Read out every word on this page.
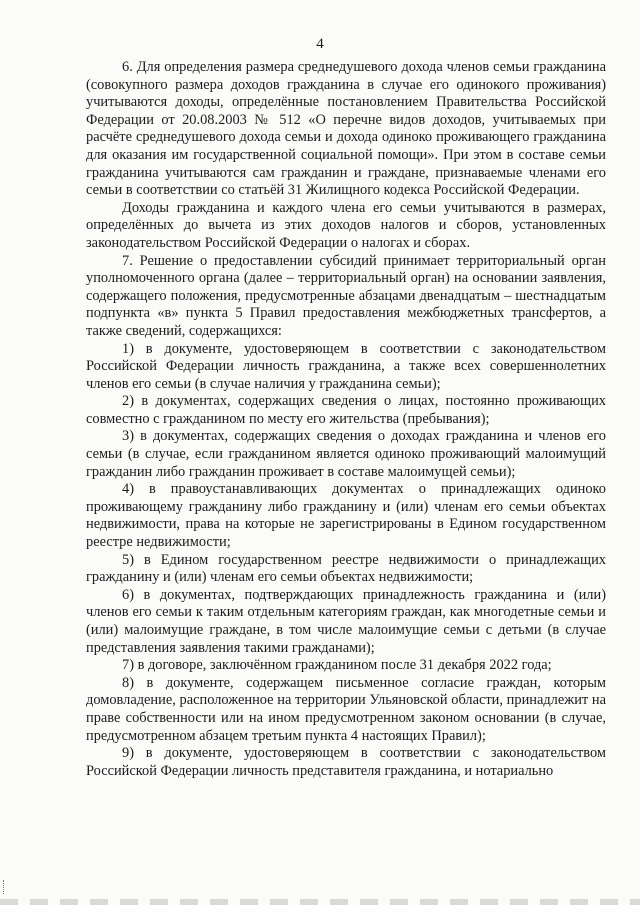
4

6. Для определения размера среднедушевого дохода членов семьи гражданина (совокупного размера доходов гражданина в случае его одинокого проживания) учитываются доходы, определённые постановлением Правительства Российской Федерации от 20.08.2003 № 512 «О перечне видов доходов, учитываемых при расчёте среднедушевого дохода семьи и дохода одиноко проживающего гражданина для оказания им государственной социальной помощи». При этом в составе семьи гражданина учитываются сам гражданин и граждане, признаваемые членами его семьи в соответствии со статьёй 31 Жилищного кодекса Российской Федерации.

Доходы гражданина и каждого члена его семьи учитываются в размерах, определённых до вычета из этих доходов налогов и сборов, установленных законодательством Российской Федерации о налогах и сборах.

7. Решение о предоставлении субсидий принимает территориальный орган уполномоченного органа (далее – территориальный орган) на основании заявления, содержащего положения, предусмотренные абзацами двенадцатым – шестнадцатым подпункта «в» пункта 5 Правил предоставления межбюджетных трансфертов, а также сведений, содержащихся:

1) в документе, удостоверяющем в соответствии с законодательством Российской Федерации личность гражданина, а также всех совершеннолетних членов его семьи (в случае наличия у гражданина семьи);

2) в документах, содержащих сведения о лицах, постоянно проживающих совместно с гражданином по месту его жительства (пребывания);

3) в документах, содержащих сведения о доходах гражданина и членов его семьи (в случае, если гражданином является одиноко проживающий малоимущий гражданин либо гражданин проживает в составе малоимущей семьи);

4) в правоустанавливающих документах о принадлежащих одиноко проживающему гражданину либо гражданину и (или) членам его семьи объектах недвижимости, права на которые не зарегистрированы в Едином государственном реестре недвижимости;

5) в Едином государственном реестре недвижимости о принадлежащих гражданину и (или) членам его семьи объектах недвижимости;

6) в документах, подтверждающих принадлежность гражданина и (или) членов его семьи к таким отдельным категориям граждан, как многодетные семьи и (или) малоимущие граждане, в том числе малоимущие семьи с детьми (в случае представления заявления такими гражданами);

7) в договоре, заключённом гражданином после 31 декабря 2022 года;

8) в документе, содержащем письменное согласие граждан, которым домовладение, расположенное на территории Ульяновской области, принадлежит на праве собственности или на ином предусмотренном законом основании (в случае, предусмотренном абзацем третьим пункта 4 настоящих Правил);

9) в документе, удостоверяющем в соответствии с законодательством Российской Федерации личность представителя гражданина, и нотариально
